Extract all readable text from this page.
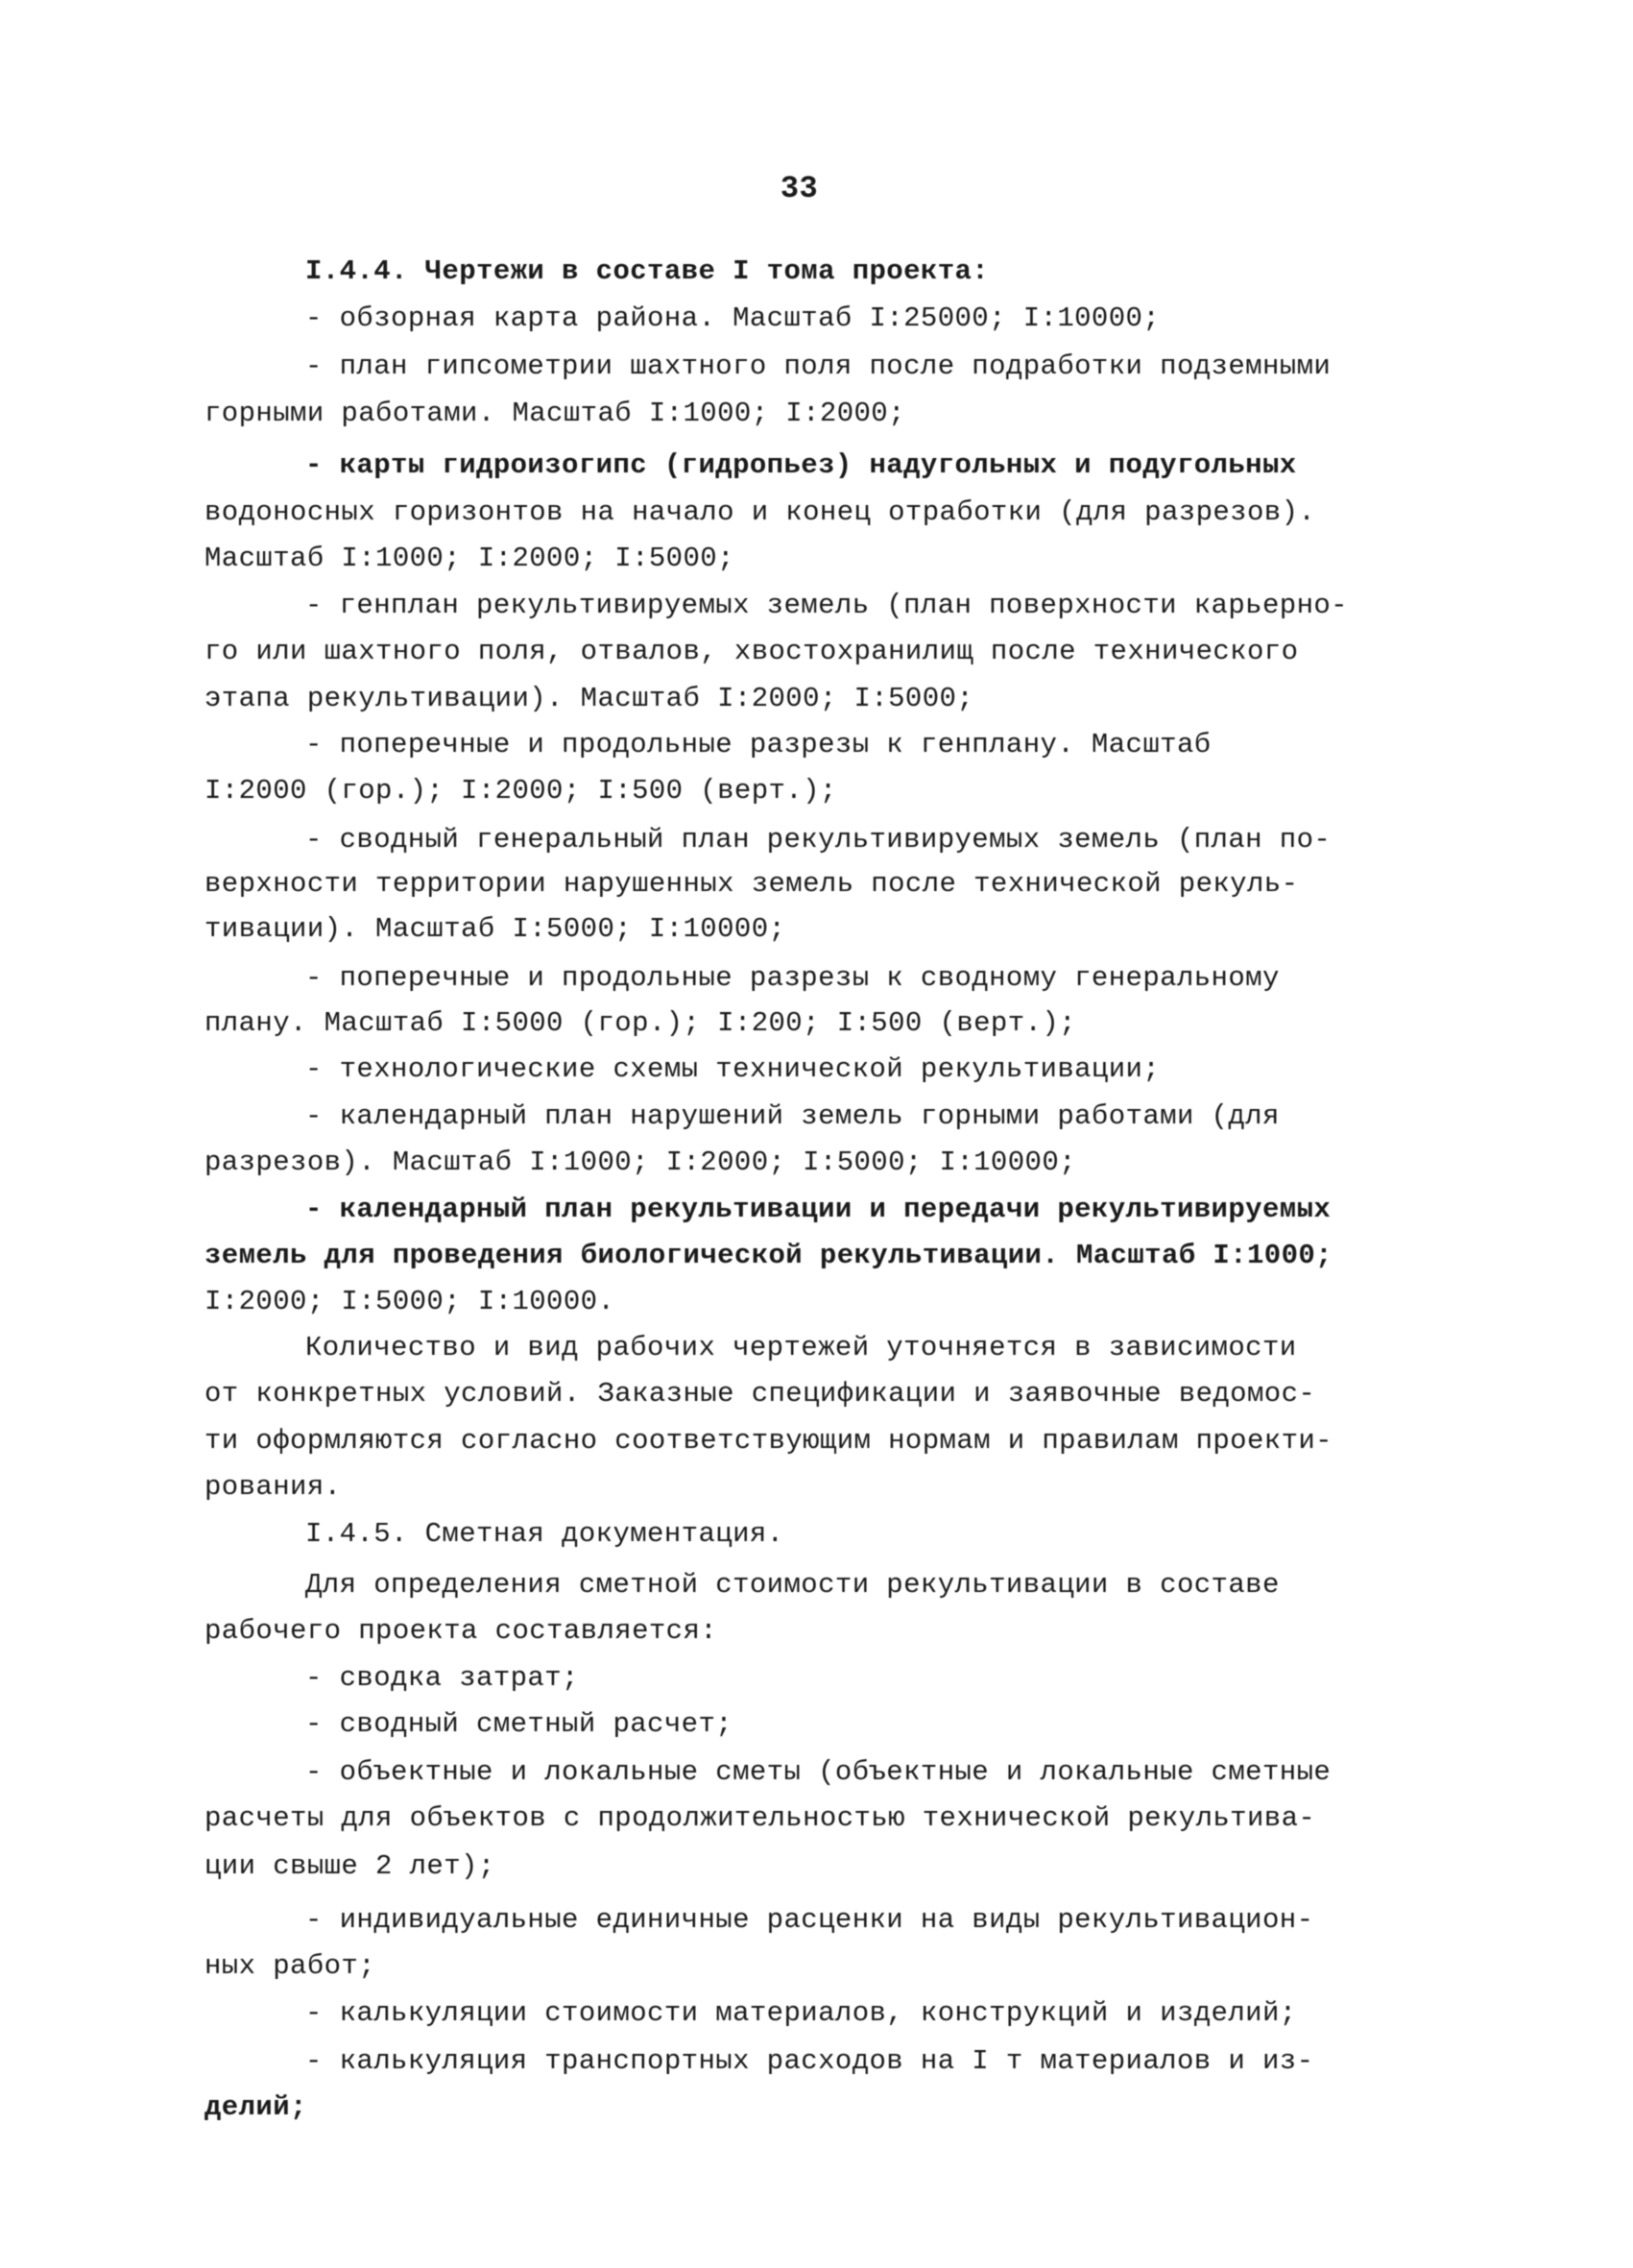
33
I.4.4. Чертежи в составе I тома проекта:
- обзорная карта района. Масштаб I:25000; I:10000;
- план гипсометрии шахтного поля после подработки подземными
горными работами. Масштаб I:1000; I:2000;
- карты гидроизогипс (гидропьез) надугольных и подугольных
водоносных горизонтов на начало и конец отработки (для разрезов).
Масштаб I:1000; I:2000; I:5000;
- генплан рекультивируемых земель (план поверхности карьерно-
го или шахтного поля, отвалов, хвостохранилищ после технического
этапа рекультивации). Масштаб I:2000; I:5000;
- поперечные и продольные разрезы к генплану. Масштаб
I:2000 (гор.); I:2000; I:500 (верт.);
- сводный генеральный план рекультивируемых земель (план по-
верхности территории нарушенных земель после технической рекуль-
тивации). Масштаб I:5000; I:10000;
- поперечные и продольные разрезы к сводному генеральному
плану. Масштаб I:5000 (гор.); I:200; I:500 (верт.);
- технологические схемы технической рекультивации;
- календарный план нарушений земель горными работами (для
разрезов). Масштаб I:1000; I:2000; I:5000; I:10000;
- календарный план рекультивации и передачи рекультивируемых
земель для проведения биологической рекультивации. Масштаб I:1000;
I:2000; I:5000; I:10000.
Количество и вид рабочих чертежей уточняется в зависимости
от конкретных условий. Заказные спецификации и заявочные ведомос-
ти оформляются согласно соответствующим нормам и правилам проекти-
рования.
I.4.5. Сметная документация.
Для определения сметной стоимости рекультивации в составе
рабочего проекта составляется:
- сводка затрат;
- сводный сметный расчет;
- объектные и локальные сметы (объектные и локальные сметные
расчеты для объектов с продолжительностью технической рекультива-
ции свыше 2 лет);
- индивидуальные единичные расценки на виды рекультивацион-
ных работ;
- калькуляции стоимости материалов, конструкций и изделий;
- калькуляция транспортных расходов на I т материалов и из-
делий;
